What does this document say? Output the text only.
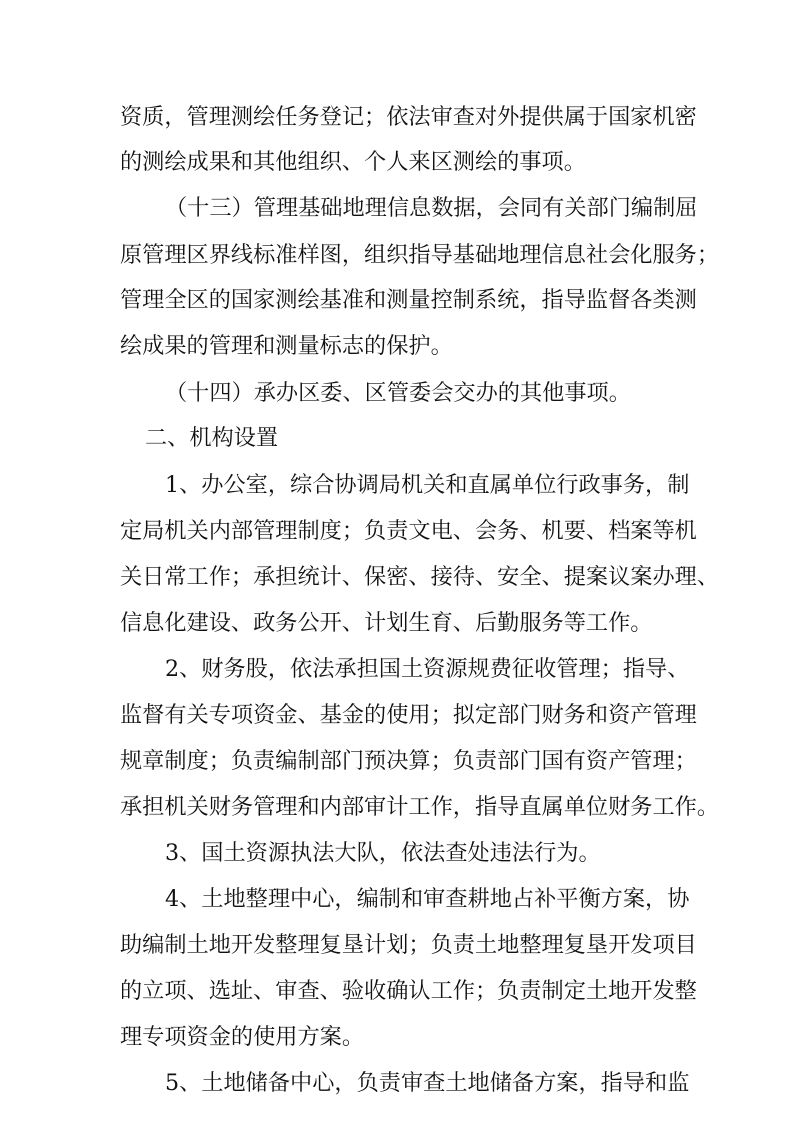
资质，管理测绘任务登记；依法审查对外提供属于国家机密
的测绘成果和其他组织、个人来区测绘的事项。
（十三）管理基础地理信息数据，会同有关部门编制屈
原管理区界线标准样图，组织指导基础地理信息社会化服务；
管理全区的国家测绘基准和测量控制系统，指导监督各类测
绘成果的管理和测量标志的保护。
（十四）承办区委、区管委会交办的其他事项。
二、机构设置
1、办公室，综合协调局机关和直属单位行政事务，制
定局机关内部管理制度；负责文电、会务、机要、档案等机
关日常工作；承担统计、保密、接待、安全、提案议案办理、
信息化建设、政务公开、计划生育、后勤服务等工作。
2、财务股，依法承担国土资源规费征收管理；指导、
监督有关专项资金、基金的使用；拟定部门财务和资产管理
规章制度；负责编制部门预决算；负责部门国有资产管理；
承担机关财务管理和内部审计工作，指导直属单位财务工作。
3、国土资源执法大队，依法查处违法行为。
4、土地整理中心，编制和审查耕地占补平衡方案，协
助编制土地开发整理复垦计划；负责土地整理复垦开发项目
的立项、选址、审查、验收确认工作；负责制定土地开发整
理专项资金的使用方案。
5、土地储备中心，负责审查土地储备方案，指导和监
